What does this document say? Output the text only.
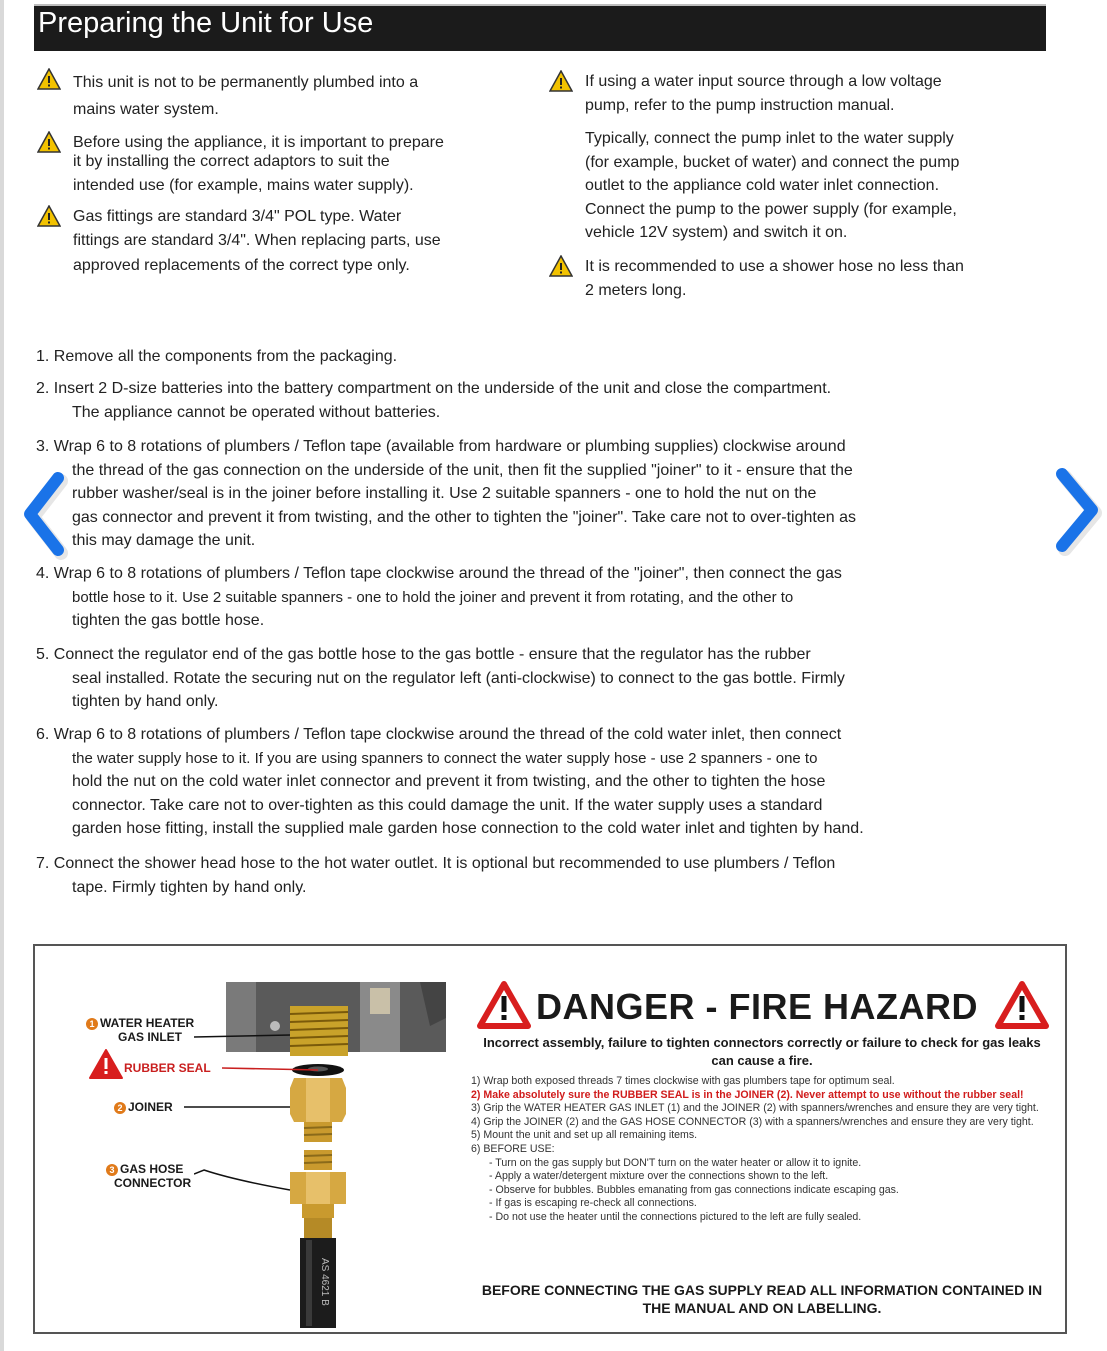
Preparing the Unit for Use
This unit is not to be permanently plumbed into a
mains water system.
Before using the appliance, it is important to prepare
it by installing the correct adaptors to suit the
intended use (for example, mains water supply).
Gas fittings are standard 3/4" POL type. Water
fittings are standard 3/4". When replacing parts, use
approved replacements of the correct type only.
If using a water input source through a low voltage
pump, refer to the pump instruction manual.
Typically, connect the pump inlet to the water supply
(for example, bucket of water) and connect the pump
outlet to the appliance cold water inlet connection.
Connect the pump to the power supply (for example,
vehicle 12V system) and switch it on.
It is recommended to use a shower hose no less than
2 meters long.
1. Remove all the components from the packaging.
2. Insert 2 D-size batteries into the battery compartment on the underside of the unit and close the compartment.
The appliance cannot be operated without batteries.
3. Wrap 6 to 8 rotations of plumbers / Teflon tape (available from hardware or plumbing supplies) clockwise around
the thread of the gas connection on the underside of the unit, then fit the supplied "joiner" to it - ensure that the
rubber washer/seal is in the joiner before installing it. Use 2 suitable spanners - one to hold the nut on the
gas connector and prevent it from twisting, and the other to tighten the "joiner". Take care not to over-tighten as
this may damage the unit.
4. Wrap 6 to 8 rotations of plumbers / Teflon tape clockwise around the thread of the "joiner", then connect the gas
bottle hose to it. Use 2 suitable spanners - one to hold the joiner and prevent it from rotating, and the other to
tighten the gas bottle hose.
5. Connect the regulator end of the gas bottle hose to the gas bottle - ensure that the regulator has the rubber
seal installed. Rotate the securing nut on the regulator left (anti-clockwise) to connect to the gas bottle. Firmly
tighten by hand only.
6. Wrap 6 to 8 rotations of plumbers / Teflon tape clockwise around the thread of the cold water inlet, then connect
the water supply hose to it. If you are using spanners to connect the water supply hose - use 2 spanners - one to
hold the nut on the cold water inlet connector and prevent it from twisting, and the other to tighten the hose
connector. Take care not to over-tighten as this could damage the unit. If the water supply uses a standard
garden hose fitting, install the supplied male garden hose connection to the cold water inlet and tighten by hand.
7. Connect the shower head hose to the hot water outlet. It is optional but recommended to use plumbers / Teflon
tape. Firmly tighten by hand only.
AS 4621 B
1 WATER HEATER
GAS INLET
RUBBER SEAL
2 JOINER
3 GAS HOSE
CONNECTOR
DANGER - FIRE HAZARD
Incorrect assembly, failure to tighten connectors correctly or failure to check for gas leaks can cause a fire.
1) Wrap both exposed threads 7 times clockwise with gas plumbers tape for optimum seal.
2) Make absolutely sure the RUBBER SEAL is in the JOINER (2). Never attempt to use without the rubber seal!
3) Grip the WATER HEATER GAS INLET (1) and the JOINER (2) with spanners/wrenches and ensure they are very tight.
4) Grip the JOINER (2) and the GAS HOSE CONNECTOR (3) with a spanners/wrenches and ensure they are very tight.
5) Mount the unit and set up all remaining items.
6) BEFORE USE:
- Turn on the gas supply but DON'T turn on the water heater or allow it to ignite.
- Apply a water/detergent mixture over the connections shown to the left.
- Observe for bubbles. Bubbles emanating from gas connections indicate escaping gas.
- If gas is escaping re-check all connections.
- Do not use the heater until the connections pictured to the left are fully sealed.
BEFORE CONNECTING THE GAS SUPPLY READ ALL INFORMATION CONTAINED IN THE MANUAL AND ON LABELLING.
